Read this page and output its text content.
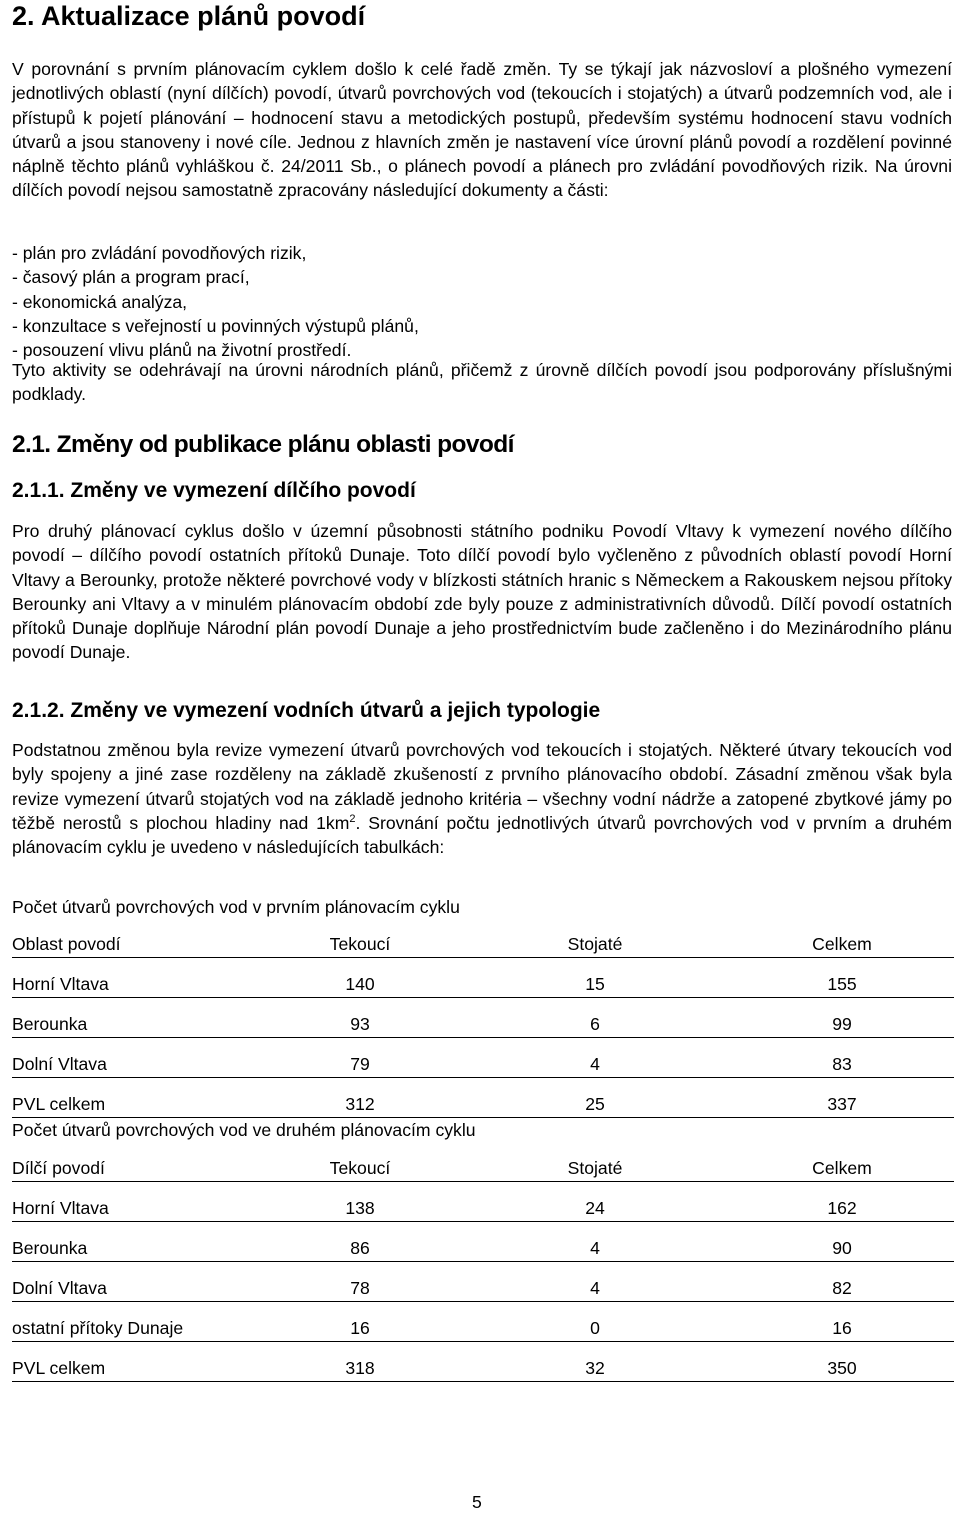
2. Aktualizace plánů povodí

V porovnání s prvním plánovacím cyklem došlo k celé řadě změn. Ty se týkají jak názvosloví a plošného vymezení jednotlivých oblastí (nyní dílčích) povodí, útvarů povrchových vod (tekoucích i stojatých) a útvarů podzemních vod, ale i přístupů k pojetí plánování – hodnocení stavu a metodických postupů, především systému hodnocení stavu vodních útvarů a jsou stanoveny i nové cíle. Jednou z hlavních změn je nastavení více úrovní plánů povodí a rozdělení povinné náplně těchto plánů vyhláškou č. 24/2011 Sb., o plánech povodí a plánech pro zvládání povodňových rizik. Na úrovni dílčích povodí nejsou samostatně zpracovány následující dokumenty a části:

- plán pro zvládání povodňových rizik,
- časový plán a program prací,
- ekonomická analýza,
- konzultace s veřejností u povinných výstupů plánů,
- posouzení vlivu plánů na životní prostředí.

Tyto aktivity se odehrávají na úrovni národních plánů, přičemž z úrovně dílčích povodí jsou podporovány příslušnými podklady.

2.1. Změny od publikace plánu oblasti povodí
2.1.1. Změny ve vymezení dílčího povodí

Pro druhý plánovací cyklus došlo v územní působnosti státního podniku Povodí Vltavy k vymezení nového dílčího povodí – dílčího povodí ostatních přítoků Dunaje. Toto dílčí povodí bylo vyčleněno z původních oblastí povodí Horní Vltavy a Berounky, protože některé povrchové vody v blízkosti státních hranic s Německem a Rakouskem nejsou přítoky Berounky ani Vltavy a v minulém plánovacím období zde byly pouze z administrativních důvodů. Dílčí povodí ostatních přítoků Dunaje doplňuje Národní plán povodí Dunaje a jeho prostřednictvím bude začleněno i do Mezinárodního plánu povodí Dunaje.

2.1.2. Změny ve vymezení vodních útvarů a jejich typologie

Podstatnou změnou byla revize vymezení útvarů povrchových vod tekoucích i stojatých. Některé útvary tekoucích vod byly spojeny a jiné zase rozděleny na základě zkušeností z prvního plánovacího období. Zásadní změnou však byla revize vymezení útvarů stojatých vod na základě jednoho kritéria – všechny vodní nádrže a zatopené zbytkové jámy po těžbě nerostů s plochou hladiny nad $1km^2$. Srovnání počtu jednotlivých útvarů povrchových vod v prvním a druhém plánovacím cyklu je uvedeno v následujících tabulkách:

Počet útvarů povrchových vod v prvním plánovacím cyklu

Oblast povodí	Tekoucí	Stojaté	Celkem
Horní Vltava	140	15	155
Berounka	93	6	99
Dolní Vltava	79	4	83
PVL celkem	312	25	337

Počet útvarů povrchových vod ve druhém plánovacím cyklu

Dílčí povodí	Tekoucí	Stojaté	Celkem
Horní Vltava	138	24	162
Berounka	86	4	90
Dolní Vltava	78	4	82
ostatní přítoky Dunaje	16	0	16
PVL celkem	318	32	350
5
